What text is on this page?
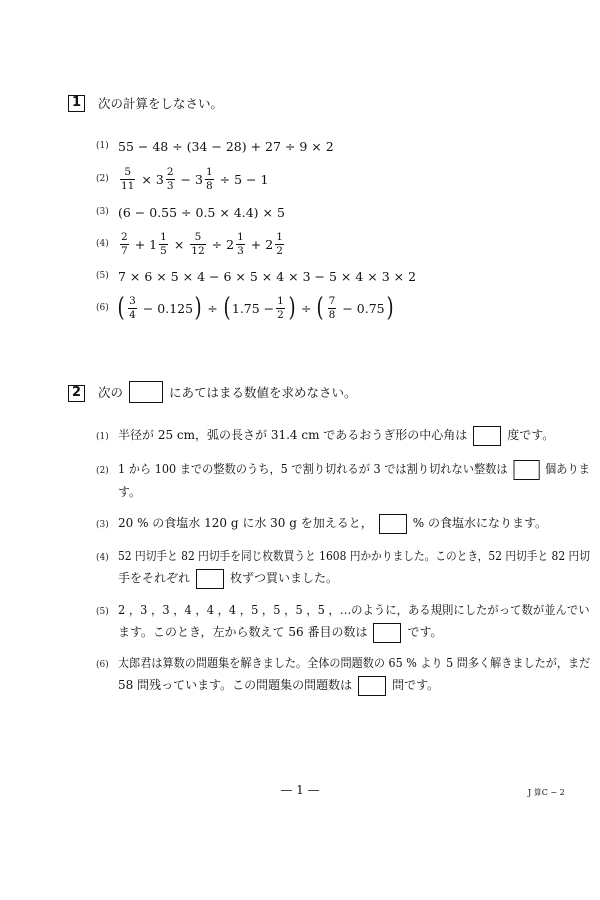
1	次の計算をしなさい。
(1) 55 − 48 ÷ (34 − 28) + 27 ÷ 9 × 2
$(2) \frac{5}{11} \times 3 \frac{2}{3} - 3 \frac{1}{8} \div 5 - 1$
(3) (6 − 0.55 ÷ 0.5 × 4.4) × 5
$(4) \frac{2}{7} + 1 \frac{1}{5} \times \frac{5}{12} \div 2 \frac{1}{3} + 2 \frac{1}{2}$
(5) 7 × 6 × 5 × 4 − 6 × 5 × 4 × 3 − 5 × 4 × 3 × 2
(6) ( $\frac{3}{4} - 0.125$ ) ÷ ( $1.75 - \frac{1}{2}$ ) ÷ ( $\frac{7}{8} - 0.75$ )
2	次の	にあてはまる数値を求めなさい。
(1) 半径が 25 cm，弧の長さが 31.4 cm であるおうぎ形の中心角は	度です。
(2) 1 から 100 までの整数のうち，5 で割り切れるが 3 では割り切れない整数は	個ありま
す。
(3) 20 % の食塩水 120 g に水 30 g を加えると，	% の食塩水になります。
(4) 52 円切手と 82 円切手を同じ枚数買うと 1608 円かかりました。このとき，52 円切手と 82 円切
手をそれぞれ	枚ずつ買いました。
(5) 2 ，3 ，3 ，4 ，4 ，4 ，5 ，5 ，5 ，5 ，…のように，ある規則にしたがって数が並んでい
ます。このとき，左から数えて 56 番目の数は	です。
(6) 太郎君は算数の問題集を解きました。全体の問題数の 65 % より 5 問多く解きましたが，まだ
58 問残っています。この問題集の問題数は	問です。
— 1 —	J 算C − 2
